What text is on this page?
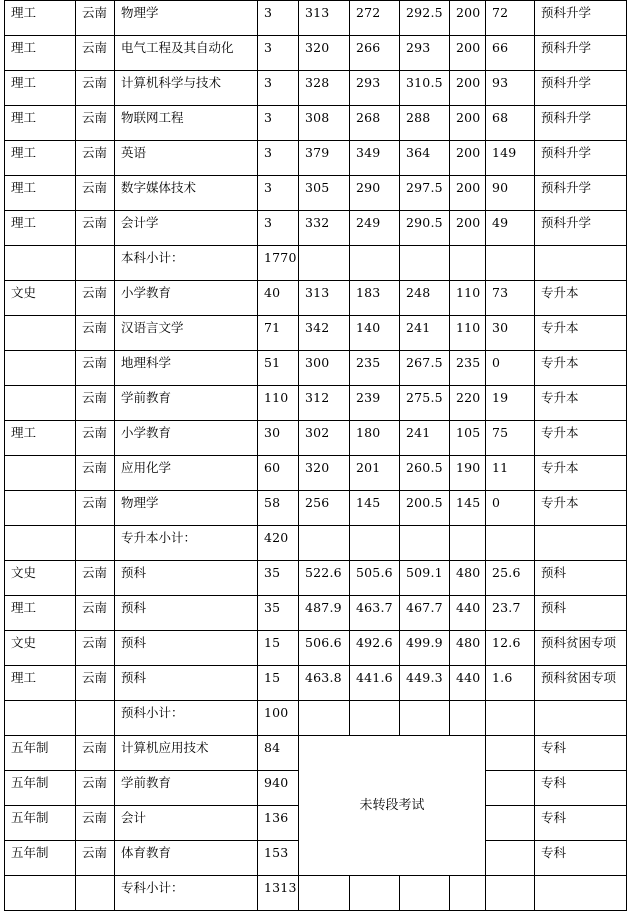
理工	云南	物理学	3	313	272	292.5	200	72	预科升学
理工	云南	电气工程及其自动化	3	320	266	293	200	66	预科升学
理工	云南	计算机科学与技术	3	328	293	310.5	200	93	预科升学
理工	云南	物联网工程	3	308	268	288	200	68	预科升学
理工	云南	英语	3	379	349	364	200	149	预科升学
理工	云南	数字媒体技术	3	305	290	297.5	200	90	预科升学
理工	云南	会计学	3	332	249	290.5	200	49	预科升学
		本科小计：	1770						
文史	云南	小学教育	40	313	183	248	110	73	专升本
	云南	汉语言文学	71	342	140	241	110	30	专升本
	云南	地理科学	51	300	235	267.5	235	0	专升本
	云南	学前教育	110	312	239	275.5	220	19	专升本
理工	云南	小学教育	30	302	180	241	105	75	专升本
	云南	应用化学	60	320	201	260.5	190	11	专升本
	云南	物理学	58	256	145	200.5	145	0	专升本
		专升本小计：	420						
文史	云南	预科	35	522.6	505.6	509.1	480	25.6	预科
理工	云南	预科	35	487.9	463.7	467.7	440	23.7	预科
文史	云南	预科	15	506.6	492.6	499.9	480	12.6	预科贫困专项
理工	云南	预科	15	463.8	441.6	449.3	440	1.6	预科贫困专项
		预科小计：	100						
五年制	云南	计算机应用技术	84	未转段考试					专科
五年制	云南	学前教育	940						专科
五年制	云南	会计	136						专科
五年制	云南	体育教育	153						专科
		专科小计：	1313						
